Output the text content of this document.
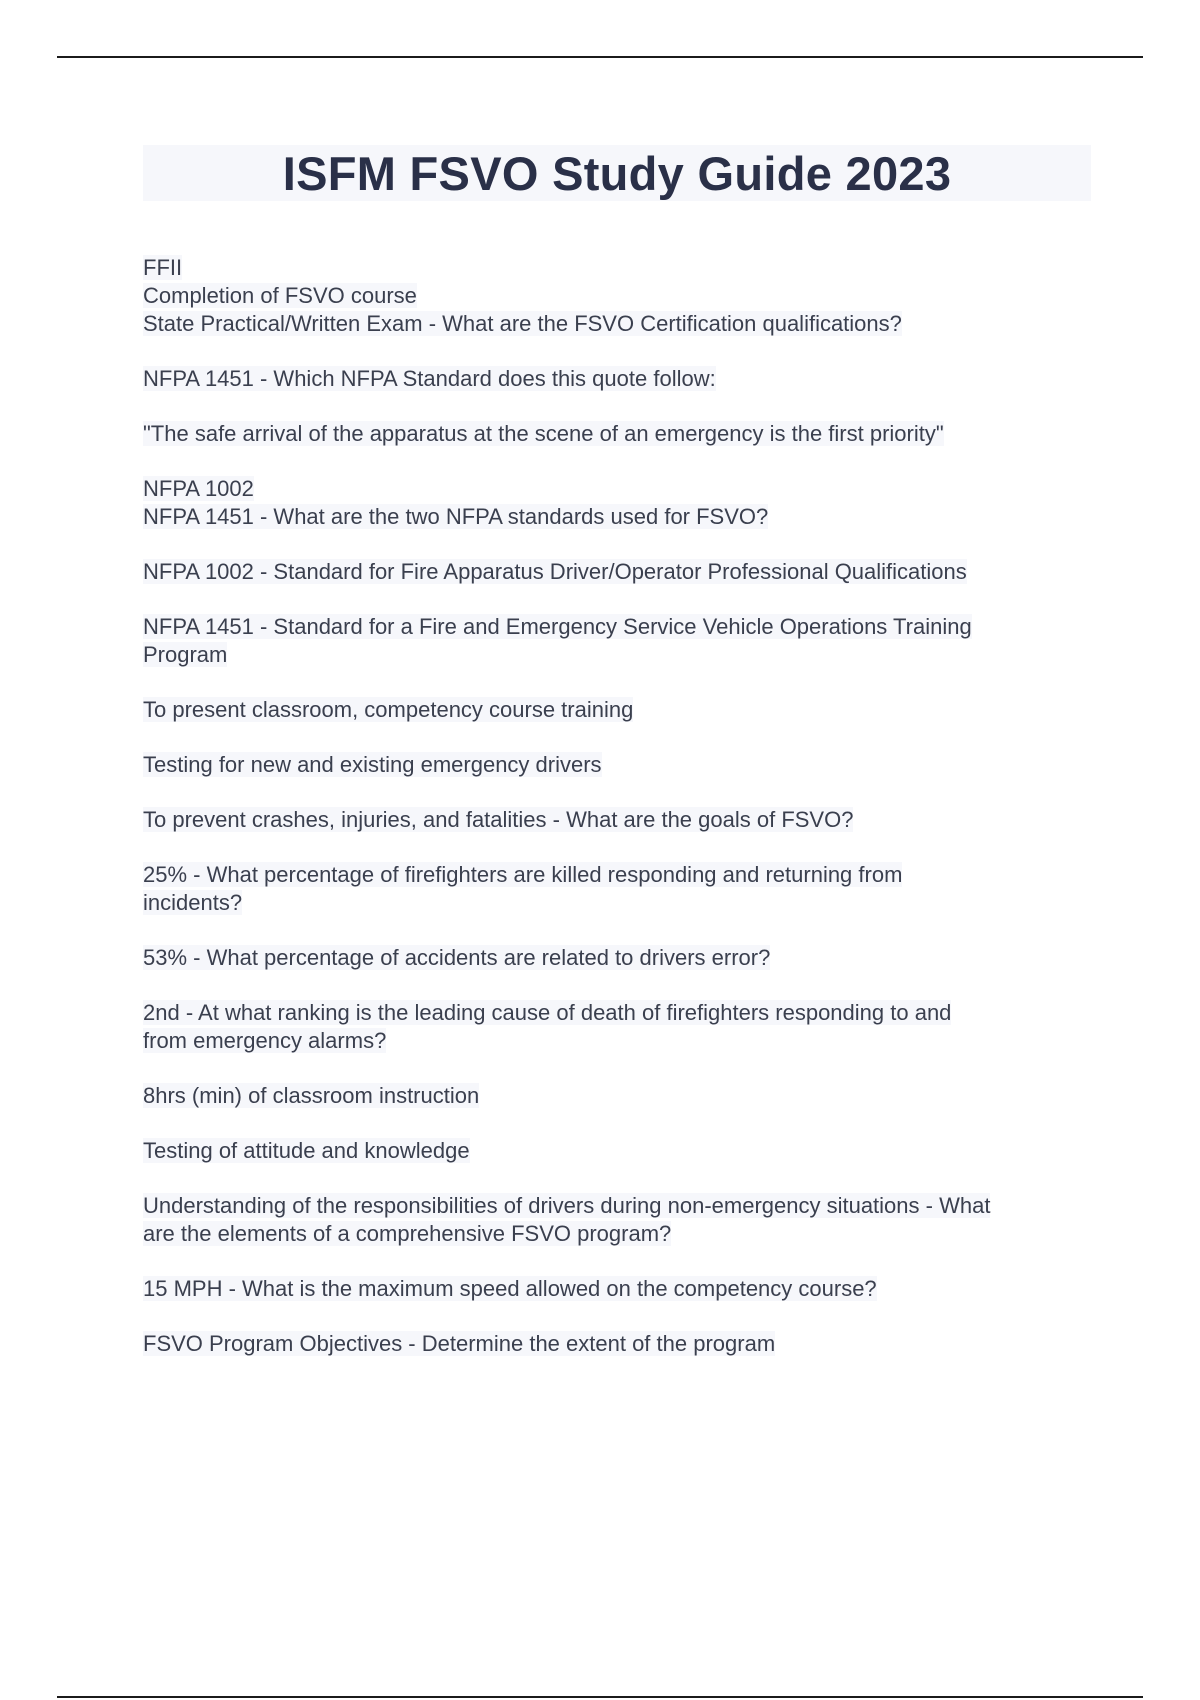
ISFM FSVO Study Guide 2023
FFII
Completion of FSVO course
State Practical/Written Exam - What are the FSVO Certification qualifications?
NFPA 1451 - Which NFPA Standard does this quote follow:
"The safe arrival of the apparatus at the scene of an emergency is the first priority"
NFPA 1002
NFPA 1451 - What are the two NFPA standards used for FSVO?
NFPA 1002 - Standard for Fire Apparatus Driver/Operator Professional Qualifications
NFPA 1451 - Standard for a Fire and Emergency Service Vehicle Operations Training
Program
To present classroom, competency course training
Testing for new and existing emergency drivers
To prevent crashes, injuries, and fatalities - What are the goals of FSVO?
25% - What percentage of firefighters are killed responding and returning from
incidents?
53% - What percentage of accidents are related to drivers error?
2nd - At what ranking is the leading cause of death of firefighters responding to and
from emergency alarms?
8hrs (min) of classroom instruction
Testing of attitude and knowledge
Understanding of the responsibilities of drivers during non-emergency situations - What
are the elements of a comprehensive FSVO program?
15 MPH - What is the maximum speed allowed on the competency course?
FSVO Program Objectives - Determine the extent of the program
